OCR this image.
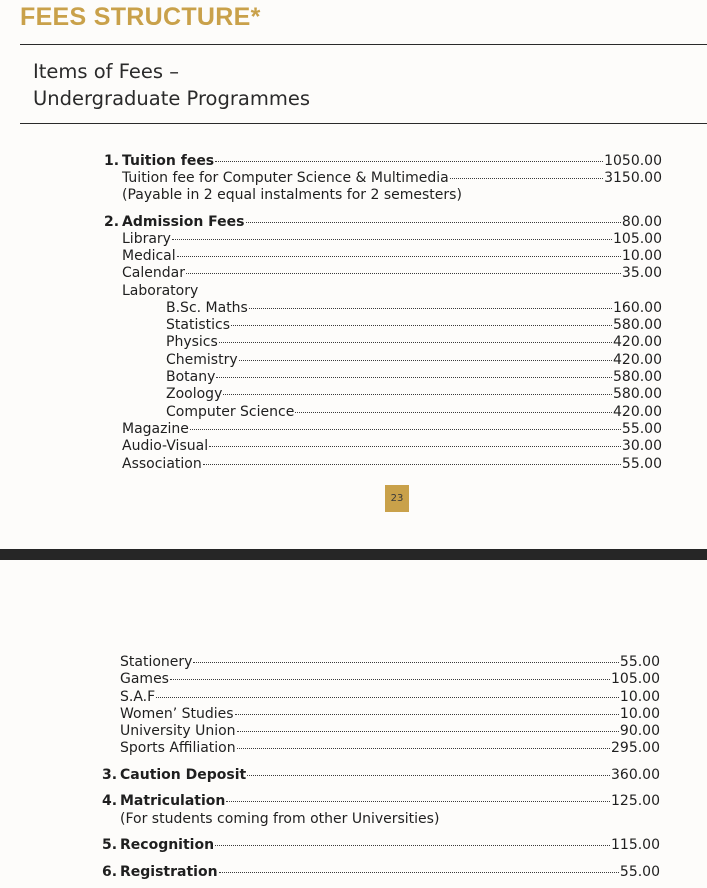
FEES STRUCTURE*
Items of Fees –
Undergraduate Programmes
1. Tuition fees	1050.00
Tuition fee for Computer Science & Multimedia	3150.00
(Payable in 2 equal instalments for 2 semesters)
2. Admission Fees	80.00
Library	105.00
Medical	10.00
Calendar	35.00
Laboratory
B.Sc. Maths	160.00
Statistics	580.00
Physics	420.00
Chemistry	420.00
Botany	580.00
Zoology	580.00
Computer Science	420.00
Magazine	55.00
Audio-Visual	30.00
Association	55.00
23
Stationery	55.00
Games	105.00
S.A.F	10.00
Women’ Studies	10.00
University Union	90.00
Sports Affiliation	295.00
3. Caution Deposit	360.00
4. Matriculation	125.00
(For students coming from other Universities)
5. Recognition	115.00
6. Registration	55.00
